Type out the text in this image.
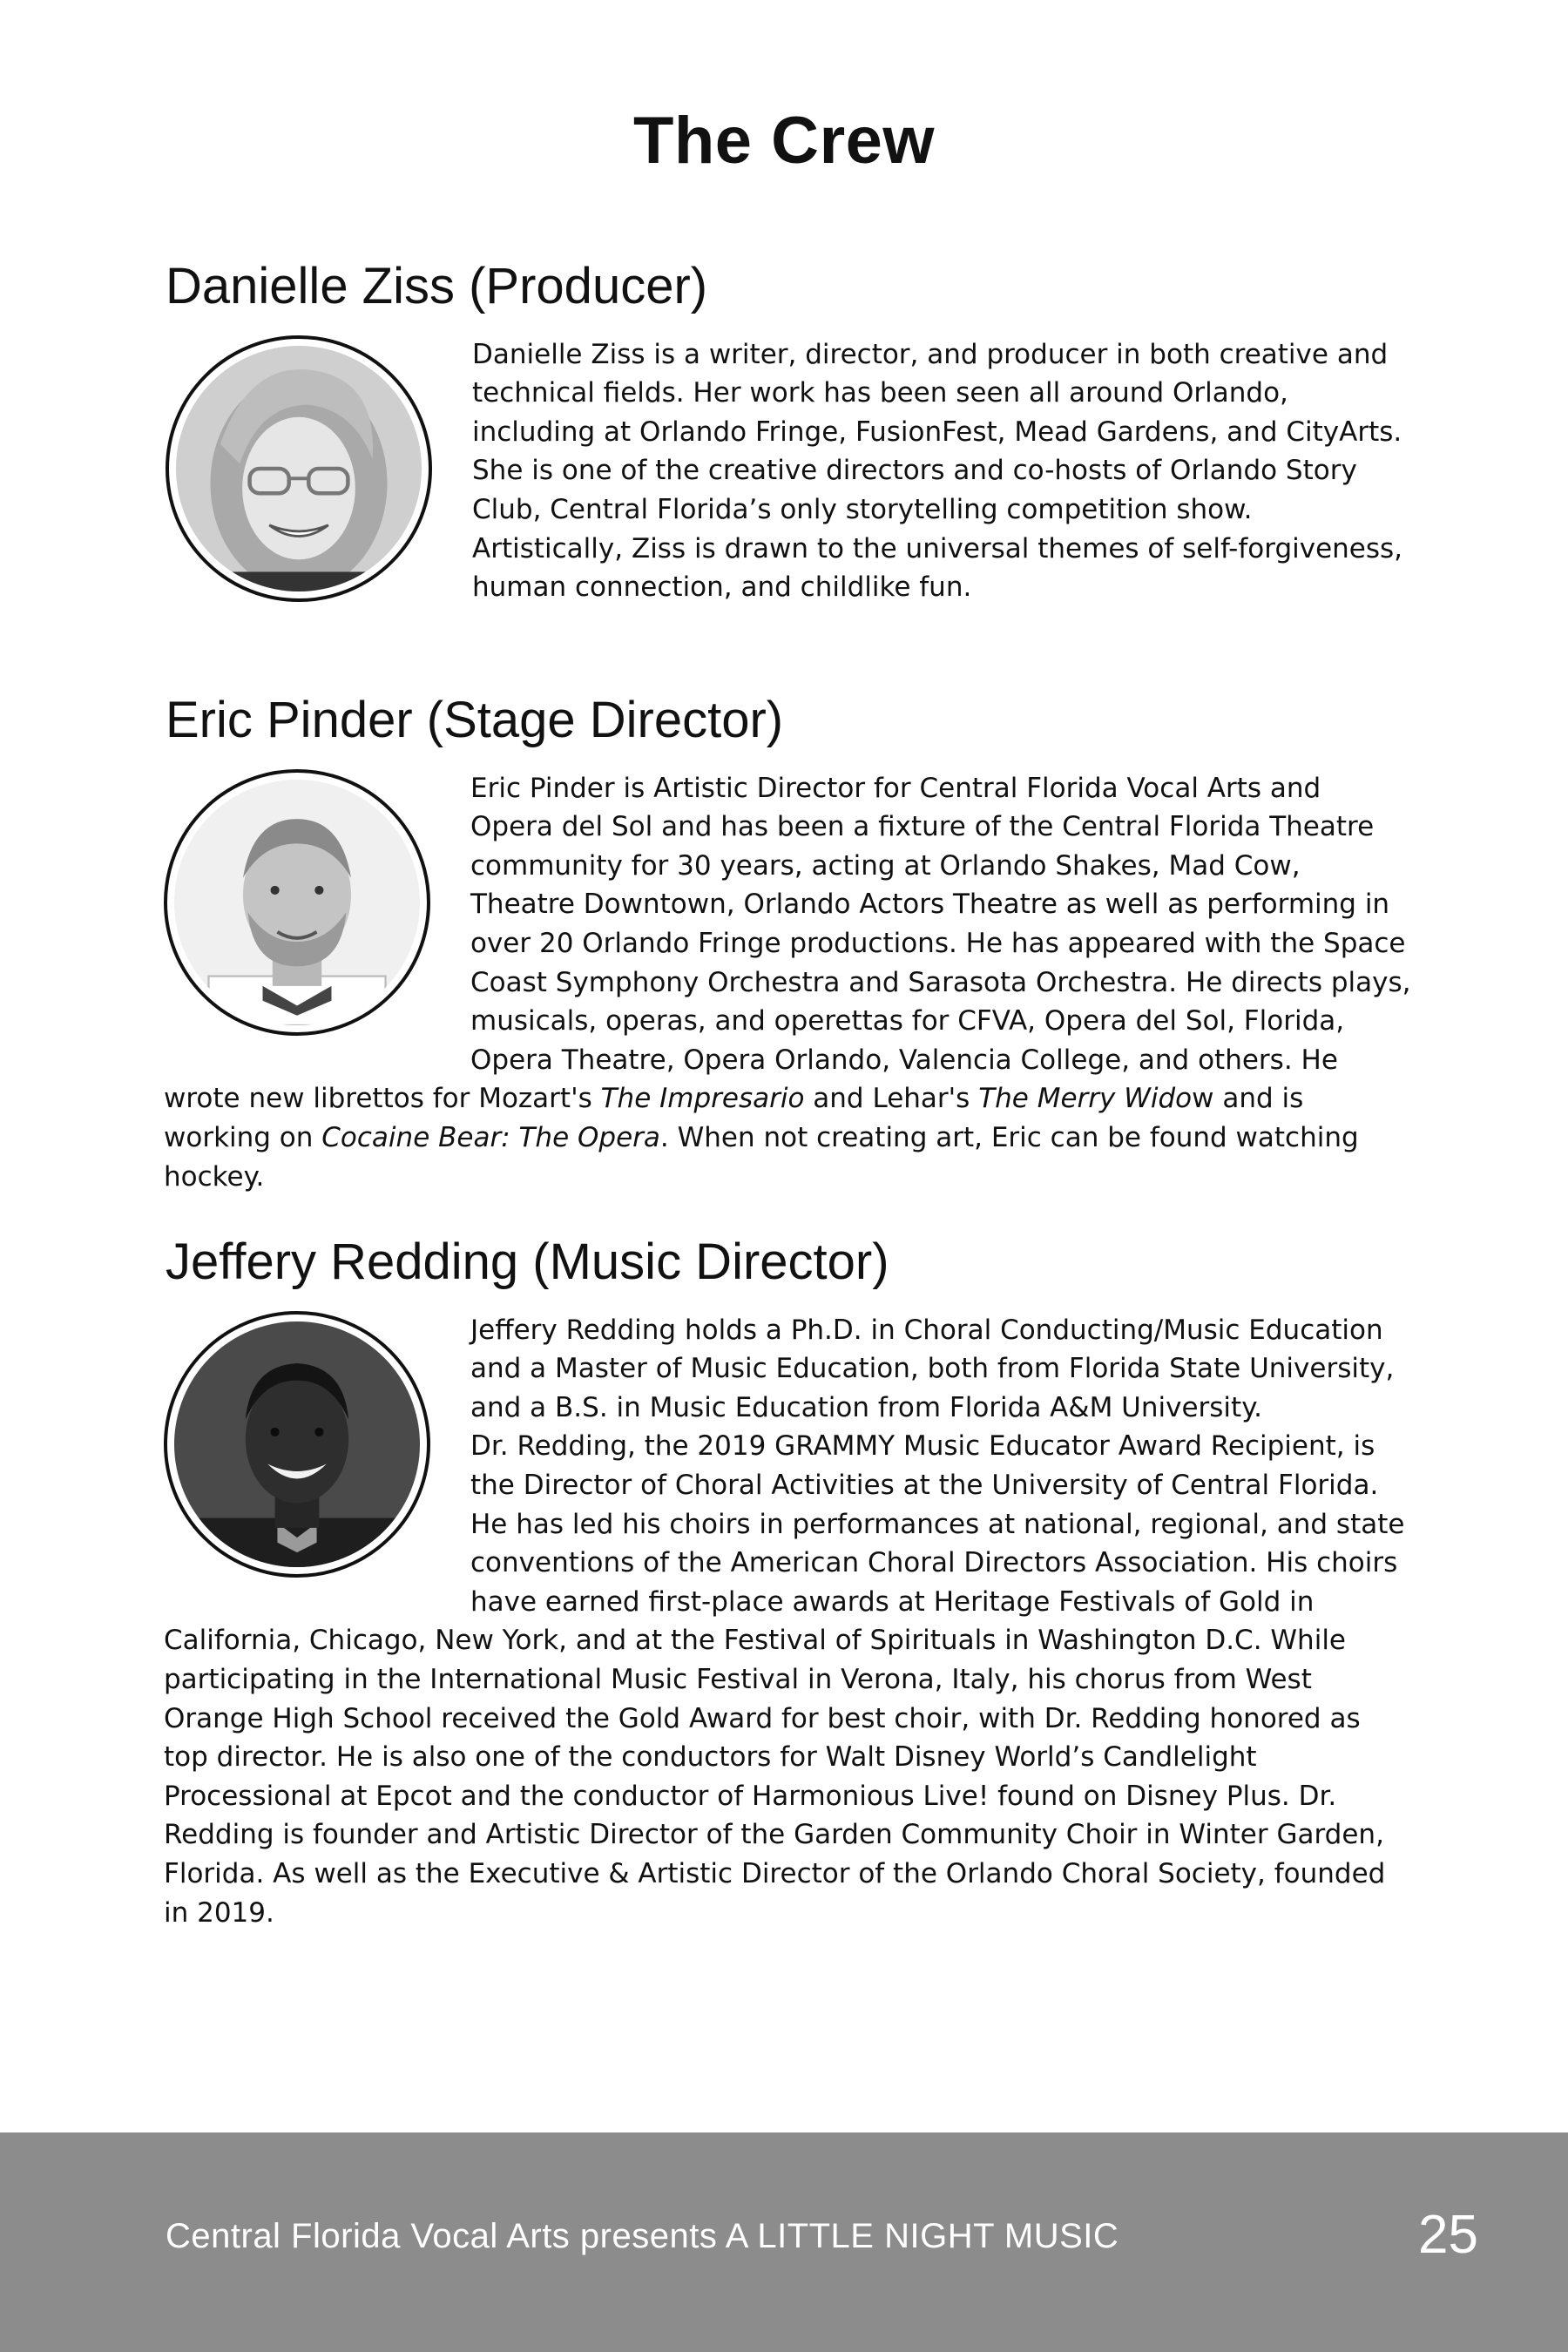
The Crew
Danielle Ziss (Producer)

Danielle Ziss is a writer, director, and producer in both creative and technical fields. Her work has been seen all around Orlando, including at Orlando Fringe, FusionFest, Mead Gardens, and CityArts. She is one of the creative directors and co-hosts of Orlando Story Club, Central Florida’s only storytelling competition show. Artistically, Ziss is drawn to the universal themes of self-forgiveness, human connection, and childlike fun.

Eric Pinder (Stage Director)

Eric Pinder is Artistic Director for Central Florida Vocal Arts and Opera del Sol and has been a fixture of the Central Florida Theatre community for 30 years, acting at Orlando Shakes, Mad Cow, Theatre Downtown, Orlando Actors Theatre as well as performing in over 20 Orlando Fringe productions. He has appeared with the Space Coast Symphony Orchestra and Sarasota Orchestra. He directs plays, musicals, operas, and operettas for CFVA, Opera del Sol, Florida, Opera Theatre, Opera Orlando, Valencia College, and others. He wrote new librettos for Mozart's The Impresario and Lehar's The Merry Widow and is working on Cocaine Bear: The Opera. When not creating art, Eric can be found watching hockey.

Jeffery Redding (Music Director)

Jeffery Redding holds a Ph.D. in Choral Conducting/Music Education and a Master of Music Education, both from Florida State University, and a B.S. in Music Education from Florida A&M University.

Dr. Redding, the 2019 GRAMMY Music Educator Award Recipient, is the Director of Choral Activities at the University of Central Florida. He has led his choirs in performances at national, regional, and state conventions of the American Choral Directors Association. His choirs have earned first-place awards at Heritage Festivals of Gold in California, Chicago, New York, and at the Festival of Spirituals in Washington D.C. While participating in the International Music Festival in Verona, Italy, his chorus from West Orange High School received the Gold Award for best choir, with Dr. Redding honored as top director. He is also one of the conductors for Walt Disney World’s Candlelight Processional at Epcot and the conductor of Harmonious Live! found on Disney Plus. Dr. Redding is founder and Artistic Director of the Garden Community Choir in Winter Garden, Florida. As well as the Executive & Artistic Director of the Orlando Choral Society, founded in 2019.

Central Florida Vocal Arts presents A LITTLE NIGHT MUSIC	25
